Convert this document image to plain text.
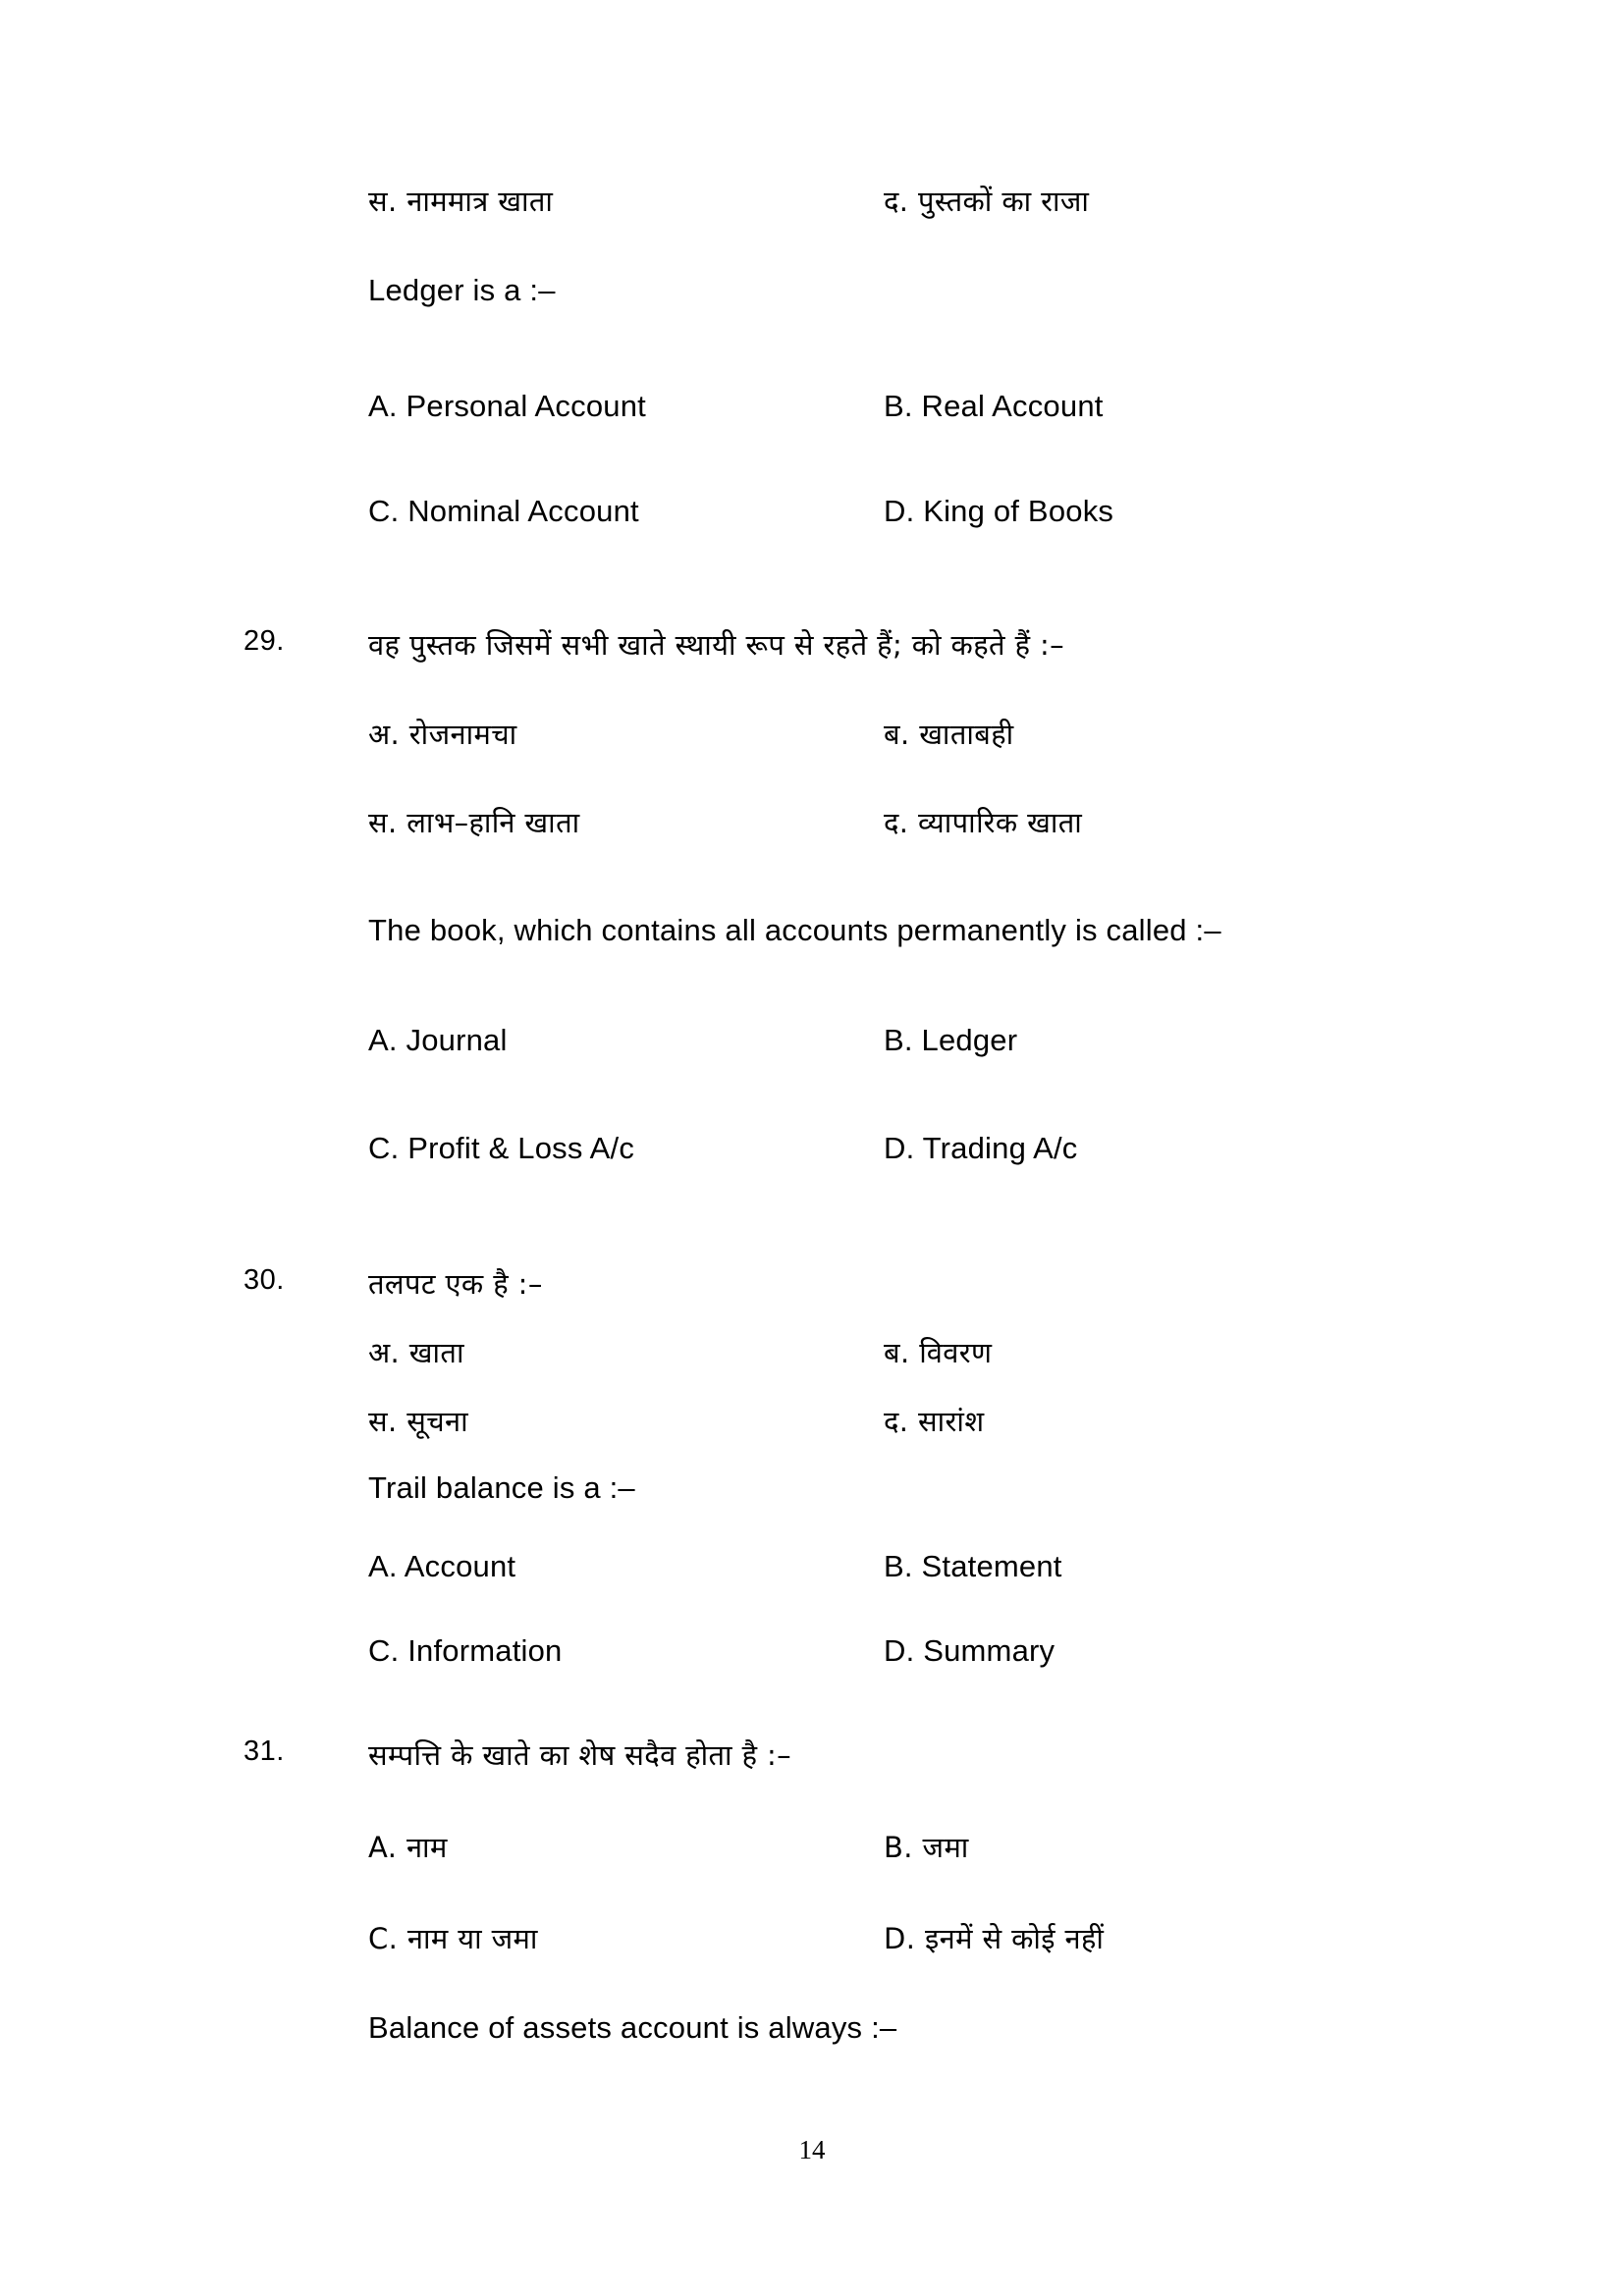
स. नाममात्र खाता	द. पुस्तकों का राजा
Ledger is a :–
A. Personal Account	B. Real Account
C. Nominal Account	D. King of Books
29.	वह पुस्तक जिसमें सभी खाते स्थायी रूप से रहते हैं; को कहते हैं :–
अ. रोजनामचा	ब. खाताबही
स. लाभ–हानि खाता	द. व्यापारिक खाता
The book, which contains all accounts permanently is called :–
A. Journal	B. Ledger
C. Profit & Loss A/c	D. Trading A/c
30.	तलपट एक है :–
अ. खाता	ब. विवरण
स. सूचना	द. सारांश
Trail balance is a :–
A. Account	B. Statement
C. Information	D. Summary
31.	सम्पत्ति के खाते का शेष सदैव होता है :–
A. नाम	B. जमा
C. नाम या जमा	D. इनमें से कोई नहीं
Balance of assets account is always :–
14
